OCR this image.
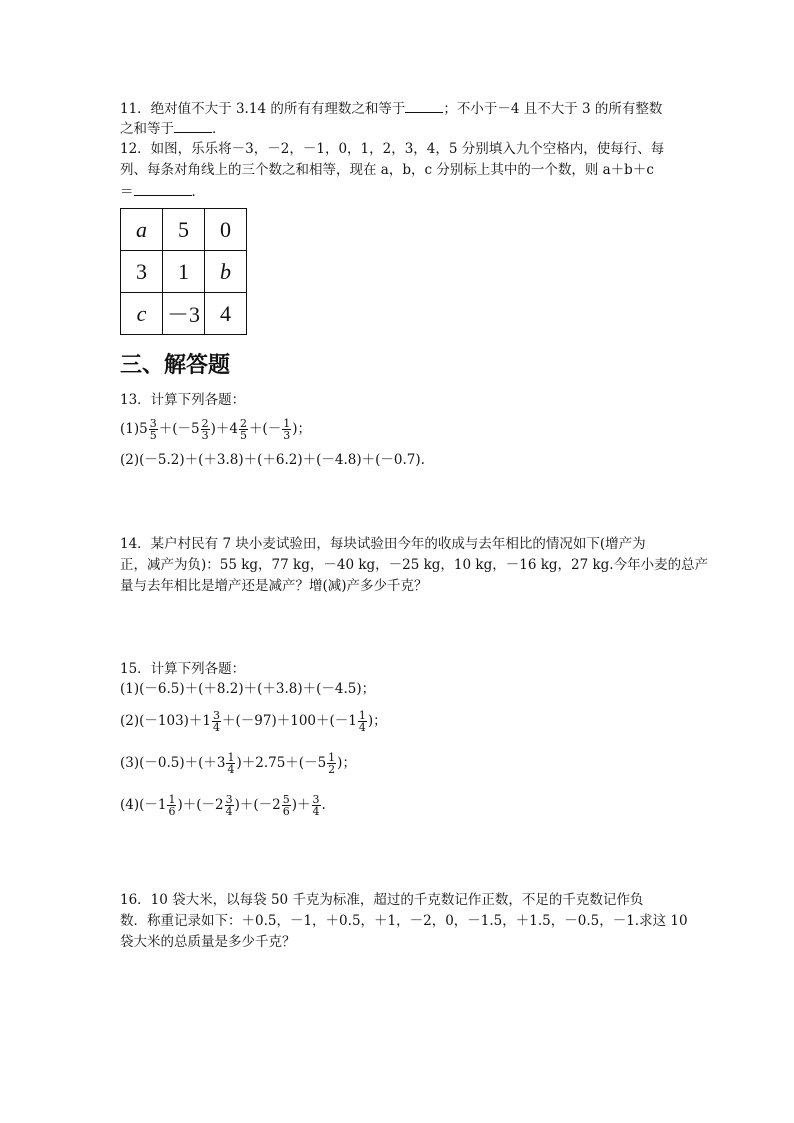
11．绝对值不大于 3.14 的所有有理数之和等于	；不小于－4 且不大于 3 的所有整数
之和等于	．
12．如图，乐乐将－3，－2，－1，0，1，2，3，4，5 分别填入九个空格内，使每行、每
列、每条对角线上的三个数之和相等，现在 a，b，c 分别标上其中的一个数，则 a＋b＋c
＝	．
a	5	0
3	1	b
c	－3	4
三、解答题
13．计算下列各题：
$(1)5 \frac{3}{5} +(-5 \frac{2}{3} )+4 \frac{2}{5}$ ＋(－ $\frac{1}{3}$ )；
(2)(－5.2)＋(＋3.8)＋(＋6.2)＋(－4.8)＋(－0.7).
14．某户村民有 7 块小麦试验田，每块试验田今年的收成与去年相比的情况如下(增产为
正，减产为负)：55 kg，77 kg，－40 kg，－25 kg，10 kg，－16 kg，27 kg.今年小麦的总产
量与去年相比是增产还是减产？增(减)产多少千克？
15．计算下列各题：
(1)(－6.5)＋(＋8.2)＋(＋3.8)＋(－4.5)；
$(2)(-103)+1 \frac{3}{4} +(-97)+100+(-1 \frac{1}{4}$ )；
$(3)(-0.5)+(+3 \frac{1}{4} )+2.75+(-5 \frac{1}{2}$ )；
$(4)(-1 \frac{1}{6} )+(-2 \frac{3}{4} )+(-2 \frac{5}{6}$ )＋ $\frac{3}{4}$ .
16．10 袋大米，以每袋 50 千克为标准，超过的千克数记作正数，不足的千克数记作负
数．称重记录如下：＋0.5，－1，＋0.5，＋1，－2，0，－1.5，＋1.5，－0.5，－1.求这 10
袋大米的总质量是多少千克？
